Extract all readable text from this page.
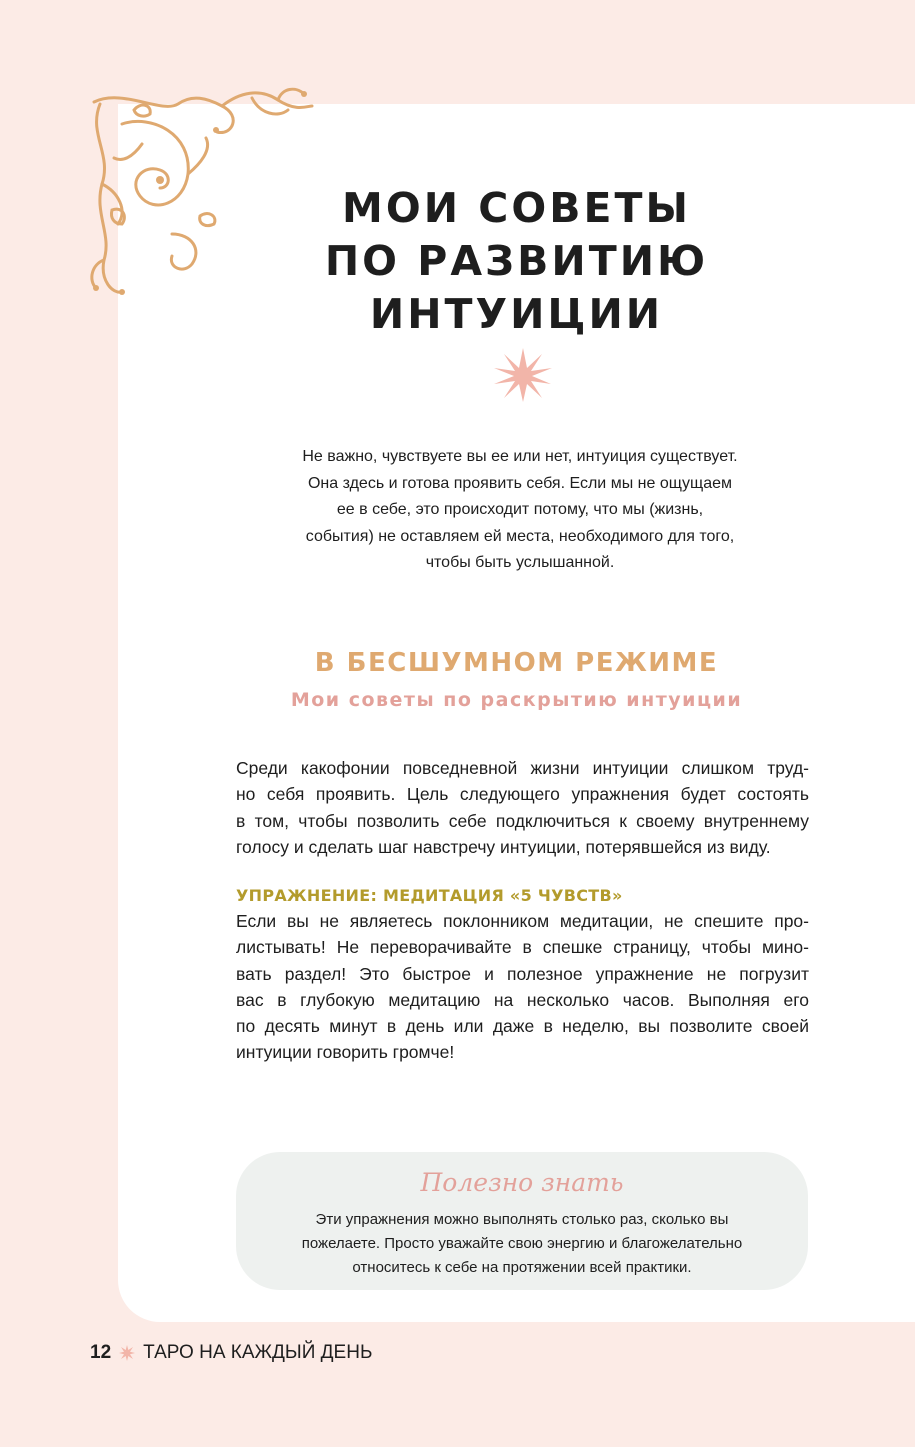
МОИ СОВЕТЫ
ПО РАЗВИТИЮ
ИНТУИЦИИ
Не важно, чувствуете вы ее или нет, интуиция существует.
Она здесь и готова проявить себя. Если мы не ощущаем
ее в себе, это происходит потому, что мы (жизнь,
события) не оставляем ей места, необходимого для того,
чтобы быть услышанной.
В БЕСШУМНОМ РЕЖИМЕ
Мои советы по раскрытию интуиции
Среди какофонии повседневной жизни интуиции слишком труд-
но себя проявить. Цель следующего упражнения будет состоять
в том, чтобы позволить себе подключиться к своему внутреннему
голосу и сделать шаг навстречу интуиции, потерявшейся из виду.
УПРАЖНЕНИЕ: МЕДИТАЦИЯ «5 ЧУВСТВ»
Если вы не являетесь поклонником медитации, не спешите про-
листывать! Не переворачивайте в спешке страницу, чтобы мино-
вать раздел! Это быстрое и полезное упражнение не погрузит
вас в глубокую медитацию на несколько часов. Выполняя его
по десять минут в день или даже в неделю, вы позволите своей
интуиции говорить громче!
Полезно знать
Эти упражнения можно выполнять столько раз, сколько вы
пожелаете. Просто уважайте свою энергию и благожелательно
относитесь к себе на протяжении всей практики.
12 ТАРО НА КАЖДЫЙ ДЕНЬ
